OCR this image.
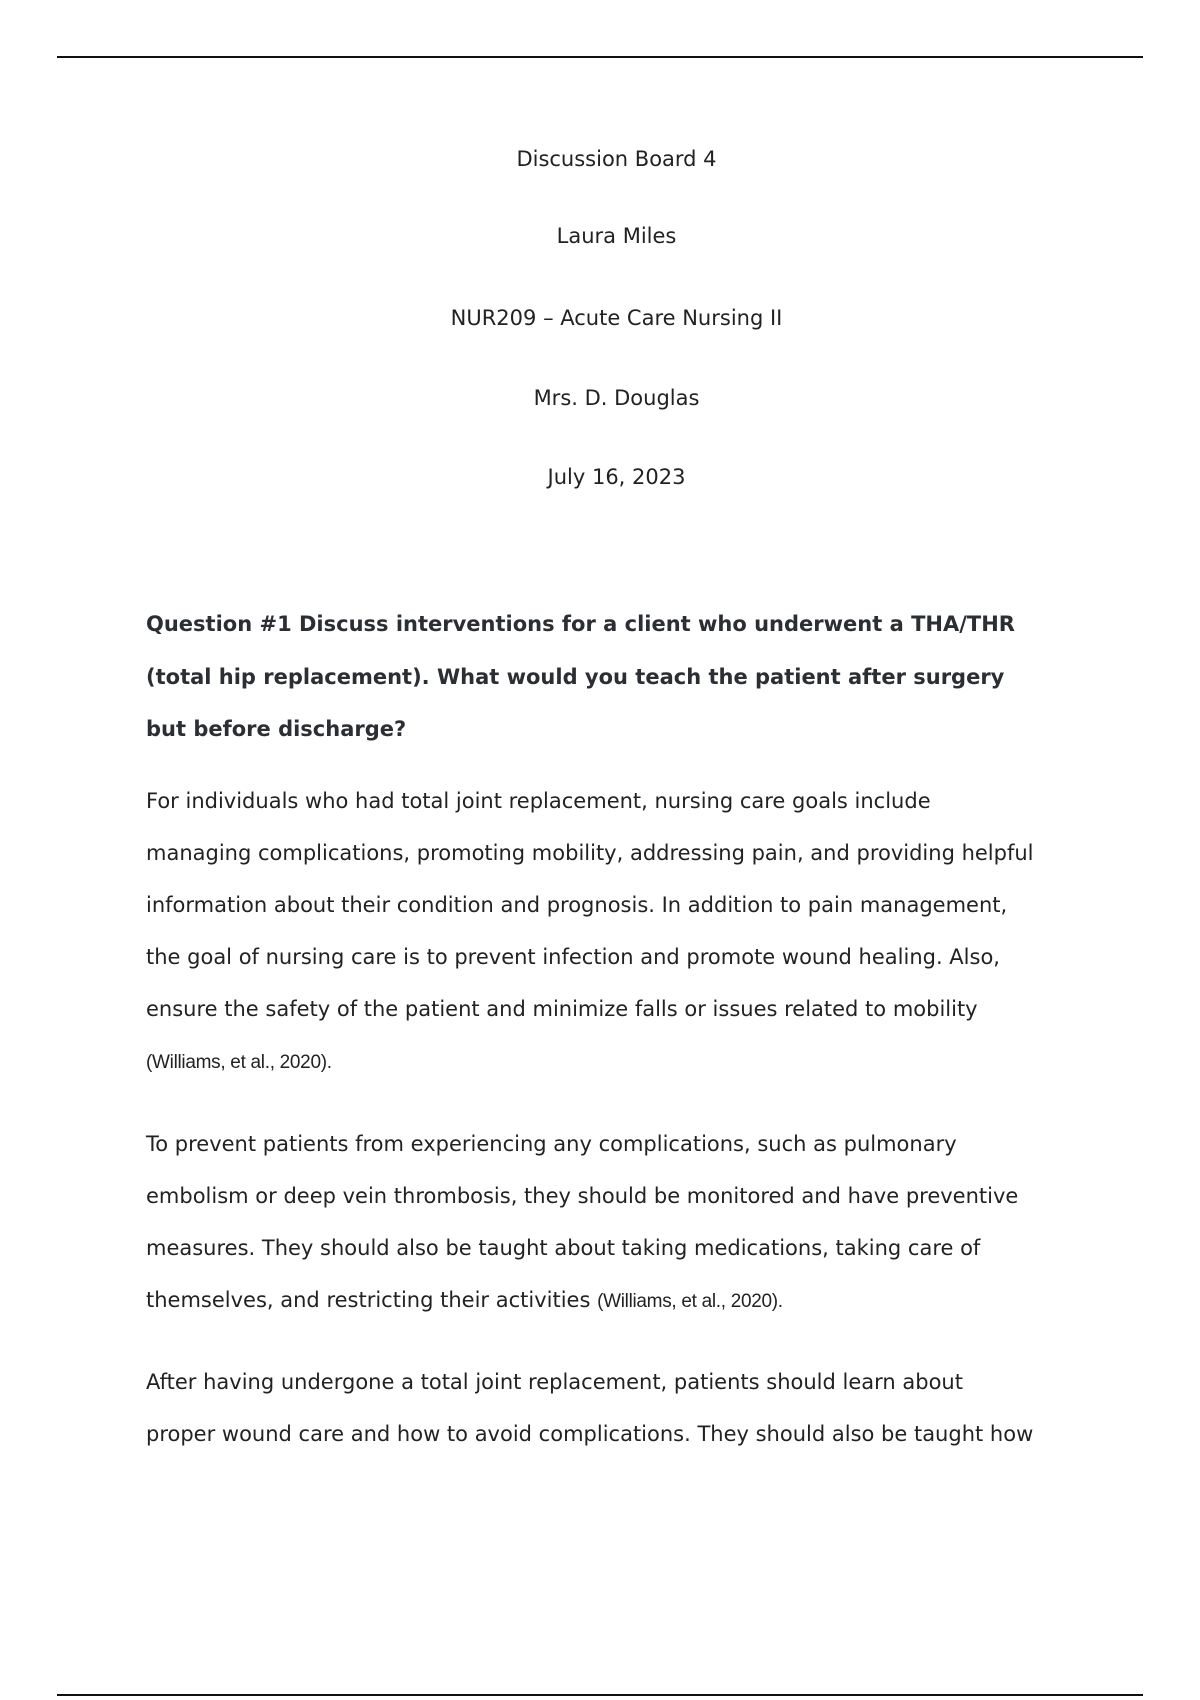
Discussion Board 4
Laura Miles
NUR209 – Acute Care Nursing II
Mrs. D. Douglas
July 16, 2023
Question #1 Discuss interventions for a client who underwent a THA/THR
(total hip replacement). What would you teach the patient after surgery
but before discharge?
For individuals who had total joint replacement, nursing care goals include
managing complications, promoting mobility, addressing pain, and providing helpful
information about their condition and prognosis. In addition to pain management,
the goal of nursing care is to prevent infection and promote wound healing. Also,
ensure the safety of the patient and minimize falls or issues related to mobility
(Williams, et al., 2020).
To prevent patients from experiencing any complications, such as pulmonary
embolism or deep vein thrombosis, they should be monitored and have preventive
measures. They should also be taught about taking medications, taking care of
themselves, and restricting their activities (Williams, et al., 2020).
After having undergone a total joint replacement, patients should learn about
proper wound care and how to avoid complications. They should also be taught how
